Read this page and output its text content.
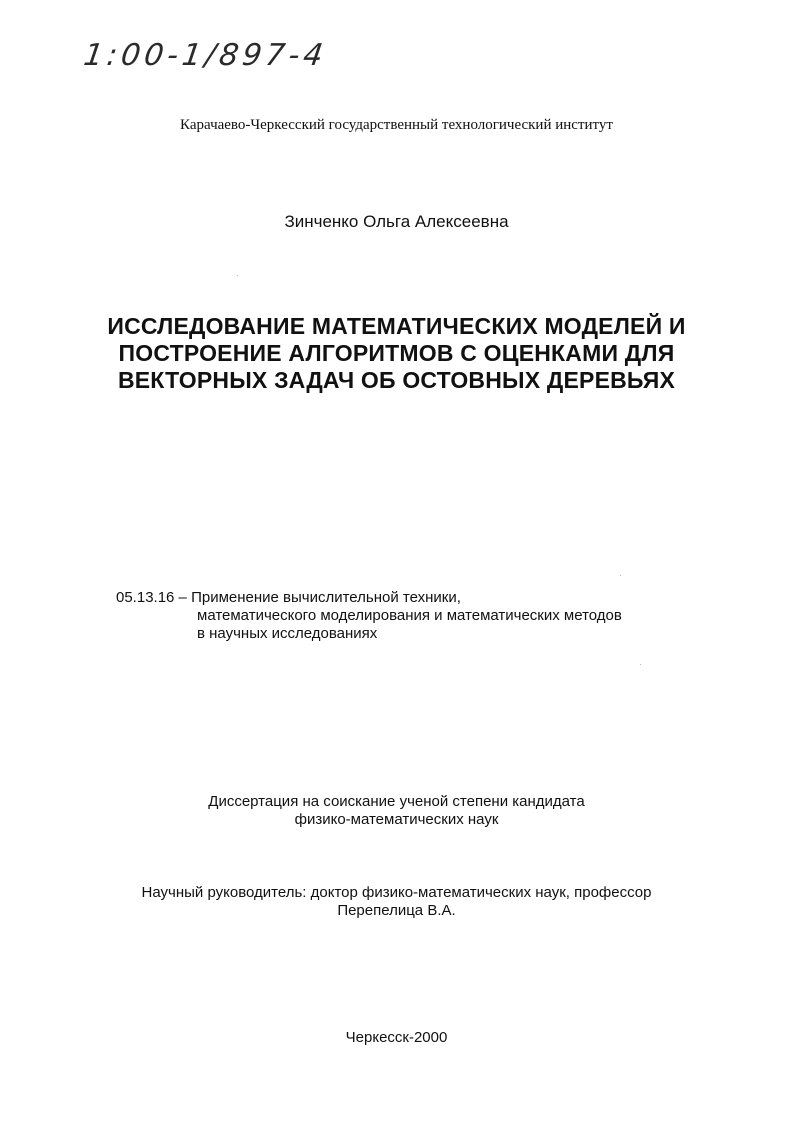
1:00-1/897-4
Карачаево-Черкесский государственный технологический институт
Зинченко Ольга Алексеевна
ИССЛЕДОВАНИЕ МАТЕМАТИЧЕСКИХ МОДЕЛЕЙ И
ПОСТРОЕНИЕ АЛГОРИТМОВ С ОЦЕНКАМИ ДЛЯ
ВЕКТОРНЫХ ЗАДАЧ ОБ ОСТОВНЫХ ДЕРЕВЬЯХ
05.13.16 – Применение вычислительной техники,
математического моделирования и математических методов
в научных исследованиях
Диссертация на соискание ученой степени кандидата
физико-математических наук
Научный руководитель: доктор физико-математических наук, профессор
Перепелица В.А.
Черкесск-2000
